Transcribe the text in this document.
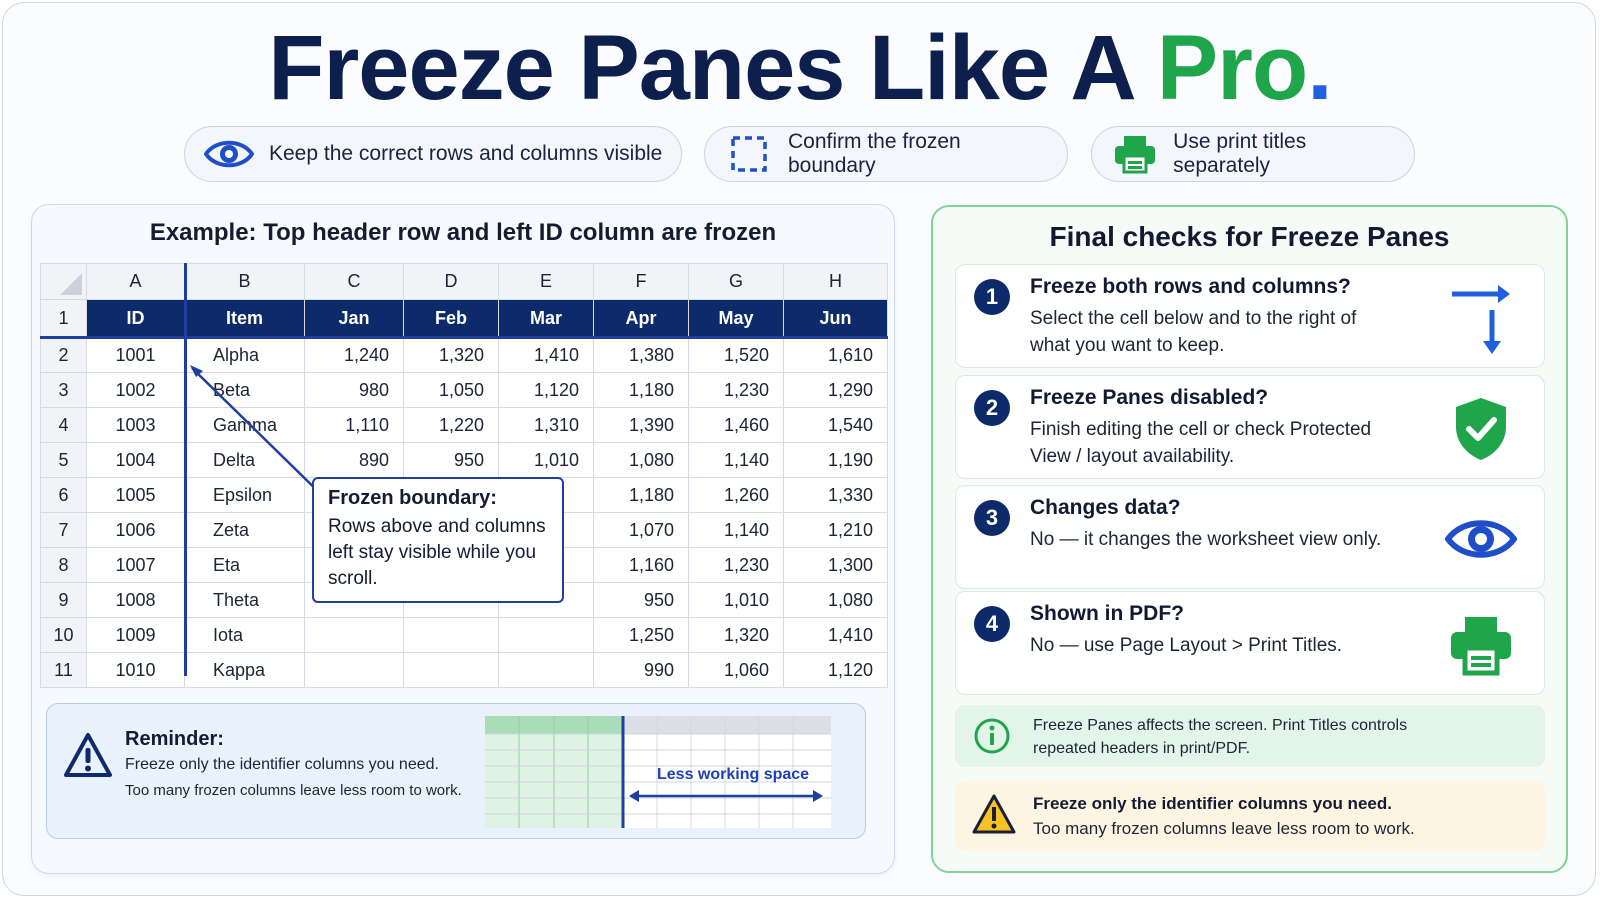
Freeze Panes Like A Pro.
Keep the correct rows and columns visible
Confirm the frozen boundary
Use print titles separately
Example: Top header row and left ID column are frozen
	A	B	C	D	E	F	G	H
1	ID	Item	Jan	Feb	Mar	Apr	May	Jun
2	1001	Alpha	1,240	1,320	1,410	1,380	1,520	1,610
3	1002	Beta	980	1,050	1,120	1,180	1,230	1,290
4	1003	Gamma	1,110	1,220	1,310	1,390	1,460	1,540
5	1004	Delta	890	950	1,010	1,080	1,140	1,190
6	1005	Epsilon				1,180	1,260	1,330
7	1006	Zeta				1,070	1,140	1,210
8	1007	Eta				1,160	1,230	1,300
9	1008	Theta				950	1,010	1,080
10	1009	Iota				1,250	1,320	1,410
11	1010	Kappa				990	1,060	1,120
Frozen boundary:
Rows above and columns left stay visible while you scroll.
Reminder:
Freeze only the identifier columns you need.
Too many frozen columns leave less room to work.
Less working space
Final checks for Freeze Panes
1	Freeze both rows and columns?
Select the cell below and to the right of what you want to keep.
2	Freeze Panes disabled?
Finish editing the cell or check Protected View / layout availability.
3	Changes data?
No — it changes the worksheet view only.
4	Shown in PDF?
No — use Page Layout > Print Titles.
Freeze Panes affects the screen. Print Titles controls repeated headers in print/PDF.
Freeze only the identifier columns you need.
Too many frozen columns leave less room to work.
